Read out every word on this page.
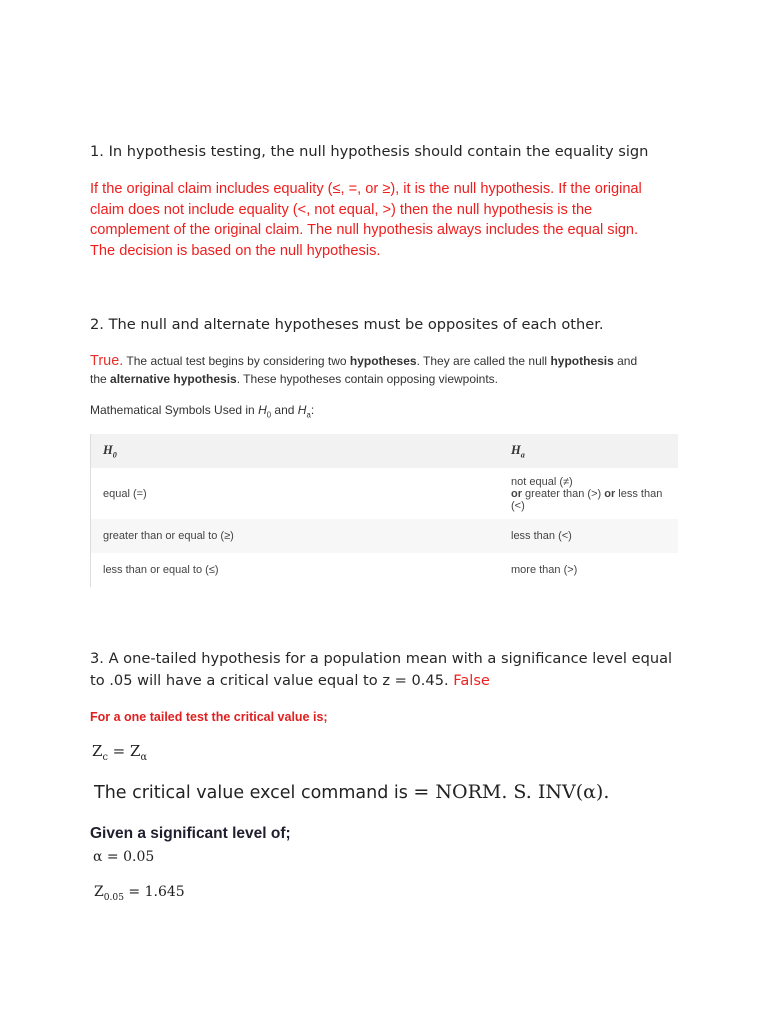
1. In hypothesis testing, the null hypothesis should contain the equality sign
If the original claim includes equality (≤, =, or ≥), it is the null hypothesis. If the original
claim does not include equality (<, not equal, >) then the null hypothesis is the
complement of the original claim. The null hypothesis always includes the equal sign.
The decision is based on the null hypothesis.
2. The null and alternate hypotheses must be opposites of each other.
True. The actual test begins by considering two hypotheses. They are called the null hypothesis and
the alternative hypothesis. These hypotheses contain opposing viewpoints.
Mathematical Symbols Used in $H_0$ and $H_a$:
$H_0$	$H_a$
equal (=)	not equal (≠)
or greater than (>) or less than (<)

greater than or equal to (≥)	less than (<)
less than or equal to (≤)	more than (>)
3. A one-tailed hypothesis for a population mean with a significance level equal
to .05 will have a critical value equal to z = 0.45. False
For a one tailed test the critical value is;
$Z_c = Z_\alpha$
The critical value excel command is = NORM. S. INV(α).
Given a significant level of;
α = 0.05
$Z_{0.05} = 1.645$
